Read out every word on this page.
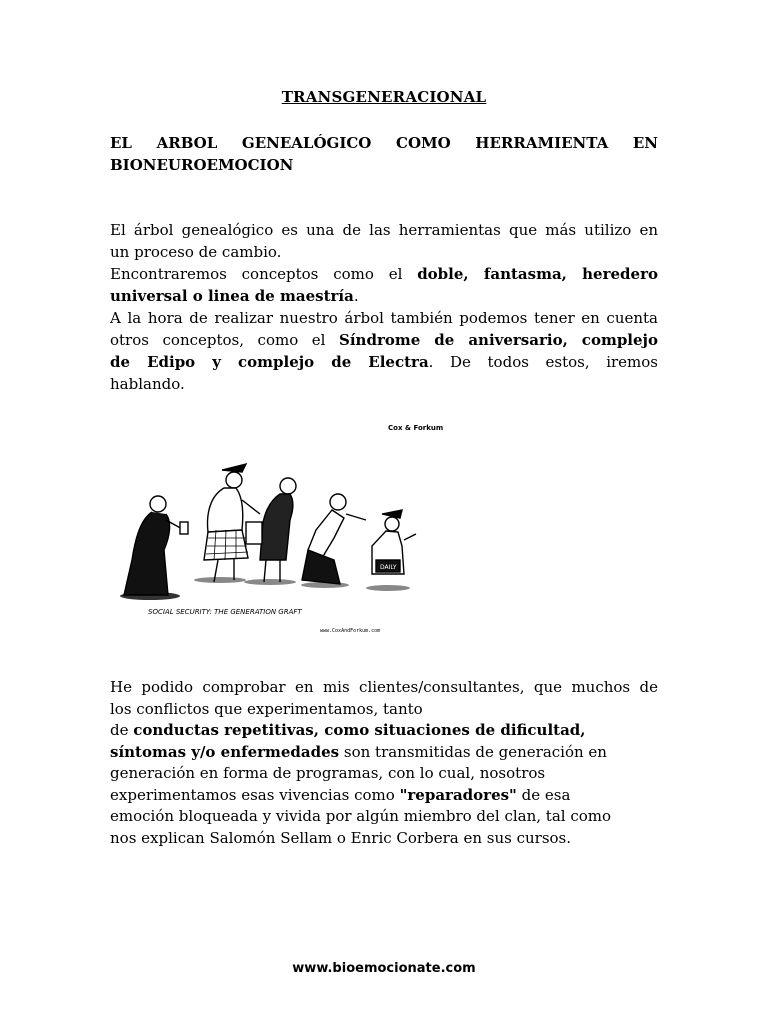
TRANSGENERACIONAL
EL ARBOL GENEALÓGICO COMO HERRAMIENTA EN
BIONEUROEMOCION
El árbol genealógico es una de las herramientas que más utilizo en
un proceso de cambio.
Encontraremos conceptos como el doble, fantasma, heredero
universal o linea de maestría.
A la hora de realizar nuestro árbol también podemos tener en cuenta
otros conceptos, como el Síndrome de aniversario, complejo
de Edipo y complejo de Electra. De todos estos, iremos
hablando.
Cox & Forkum
DAILY
SOCIAL SECURITY: THE GENERATION GRAFT
www.CoxAndForkum.com
He podido comprobar en mis clientes/consultantes, que muchos de
los conflictos que experimentamos, tanto
de conductas repetitivas, como situaciones de dificultad,
síntomas y/o enfermedades son transmitidas de generación en
generación en forma de programas, con lo cual, nosotros
experimentamos esas vivencias como "reparadores" de esa
emoción bloqueada y vivida por algún miembro del clan, tal como
nos explican Salomón Sellam o Enric Corbera en sus cursos.
www.bioemocionate.com
